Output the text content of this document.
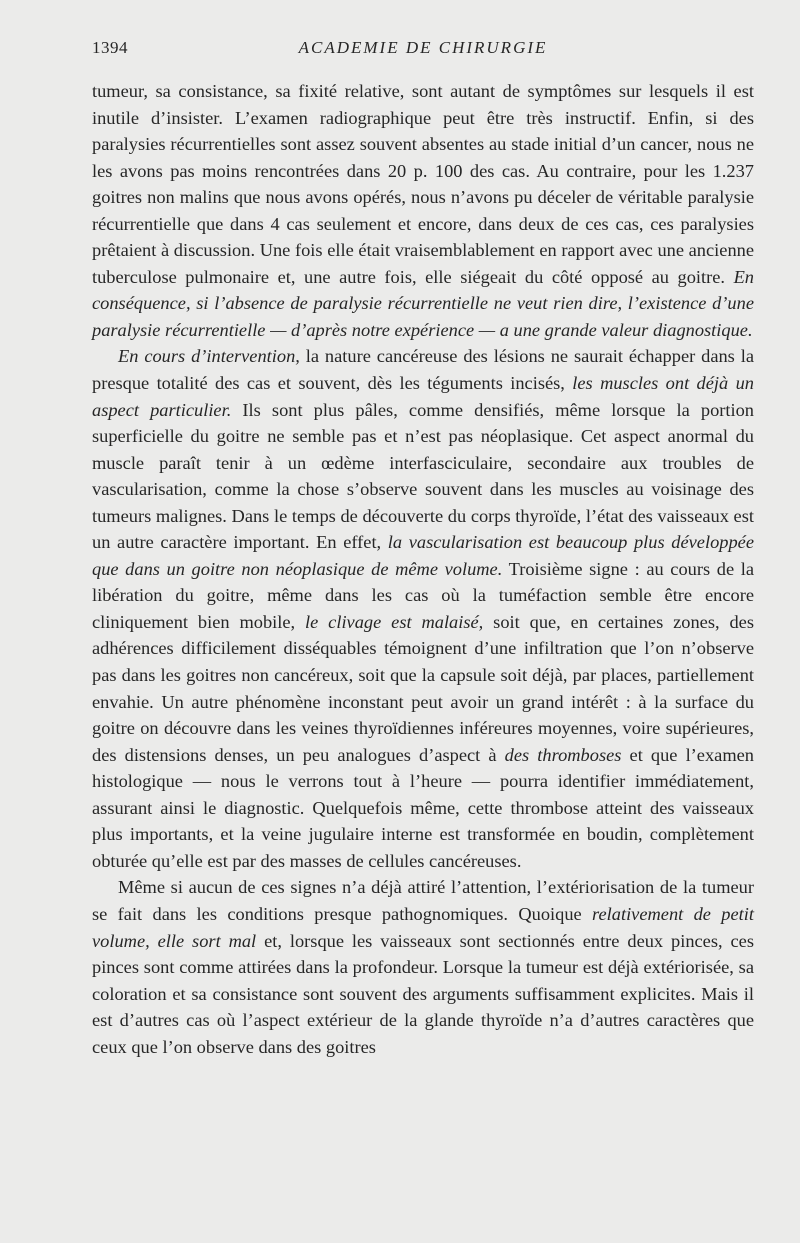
1394	ACADEMIE DE CHIRURGIE

tumeur, sa consistance, sa fixité relative, sont autant de symptômes sur lesquels il est inutile d’insister. L’examen radiographique peut être très instructif. Enfin, si des paralysies récurrentielles sont assez souvent absentes au stade initial d’un cancer, nous ne les avons pas moins rencontrées dans 20 p. 100 des cas. Au contraire, pour les 1.237 goitres non malins que nous avons opérés, nous n’avons pu déceler de véritable paralysie récurrentielle que dans 4 cas seulement et encore, dans deux de ces cas, ces paralysies prêtaient à discussion. Une fois elle était vraisemblablement en rapport avec une ancienne tuberculose pulmonaire et, une autre fois, elle siégeait du côté opposé au goitre. En conséquence, si l’absence de paralysie récurrentielle ne veut rien dire, l’existence d’une paralysie récurrentielle — d’après notre expérience — a une grande valeur diagnostique.

En cours d’intervention, la nature cancéreuse des lésions ne saurait échapper dans la presque totalité des cas et souvent, dès les téguments incisés, les muscles ont déjà un aspect particulier. Ils sont plus pâles, comme densifiés, même lorsque la portion superficielle du goitre ne semble pas et n’est pas néoplasique. Cet aspect anormal du muscle paraît tenir à un œdème interfasciculaire, secondaire aux troubles de vascularisation, comme la chose s’observe souvent dans les muscles au voisinage des tumeurs malignes. Dans le temps de découverte du corps thyroïde, l’état des vaisseaux est un autre caractère important. En effet, la vascularisation est beaucoup plus développée que dans un goitre non néoplasique de même volume. Troisième signe : au cours de la libération du goitre, même dans les cas où la tuméfaction semble être encore cliniquement bien mobile, le clivage est malaisé, soit que, en certaines zones, des adhérences difficilement disséquables témoignent d’une infiltration que l’on n’observe pas dans les goitres non cancéreux, soit que la capsule soit déjà, par places, partiellement envahie. Un autre phénomène inconstant peut avoir un grand intérêt : à la surface du goitre on découvre dans les veines thyroïdiennes inféreures moyennes, voire supérieures, des distensions denses, un peu analogues d’aspect à des thromboses et que l’examen histologique — nous le verrons tout à l’heure — pourra identifier immédiatement, assurant ainsi le diagnostic. Quelquefois même, cette thrombose atteint des vaisseaux plus importants, et la veine jugulaire interne est transformée en boudin, complètement obturée qu’elle est par des masses de cellules cancéreuses.

Même si aucun de ces signes n’a déjà attiré l’attention, l’extériorisation de la tumeur se fait dans les conditions presque pathognomiques. Quoique relativement de petit volume, elle sort mal et, lorsque les vaisseaux sont sectionnés entre deux pinces, ces pinces sont comme attirées dans la profondeur. Lorsque la tumeur est déjà extériorisée, sa coloration et sa consistance sont souvent des arguments suffisamment explicites. Mais il est d’autres cas où l’aspect extérieur de la glande thyroïde n’a d’autres caractères que ceux que l’on observe dans des goitres
